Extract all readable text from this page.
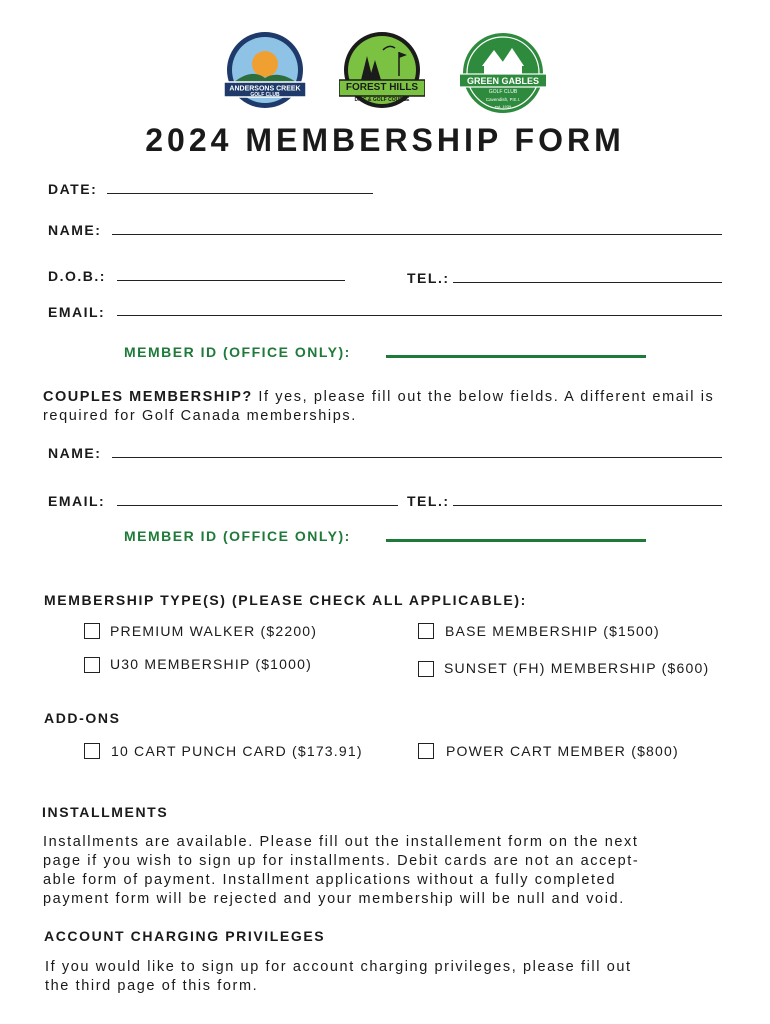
ANDERSONS CREEK
GOLF CLUB
FOREST HILLS
DISC & GOLF COURSE
GREEN GABLES
GOLF CLUB
Cavendish, P.E.I.
est. 1939
2024 MEMBERSHIP FORM
DATE:
NAME:
D.O.B.:	TEL.:
EMAIL:
MEMBER ID (OFFICE ONLY):
COUPLES MEMBERSHIP? If yes, please fill out the below fields. A different email is required for Golf Canada memberships.
NAME:
EMAIL:	TEL.:
MEMBER ID (OFFICE ONLY):
MEMBERSHIP TYPE(S) (PLEASE CHECK ALL APPLICABLE):
PREMIUM WALKER ($2200)	BASE MEMBERSHIP ($1500)
U30 MEMBERSHIP ($1000)	SUNSET (FH) MEMBERSHIP ($600)
ADD-ONS
10 CART PUNCH CARD ($173.91)	POWER CART MEMBER ($800)
INSTALLMENTS
Installments are available. Please fill out the installement form on the next
page if you wish to sign up for installments. Debit cards are not an accept-
able form of payment. Installment applications without a fully completed
payment form will be rejected and your membership will be null and void.
ACCOUNT CHARGING PRIVILEGES
If you would like to sign up for account charging privileges, please fill out
the third page of this form.
